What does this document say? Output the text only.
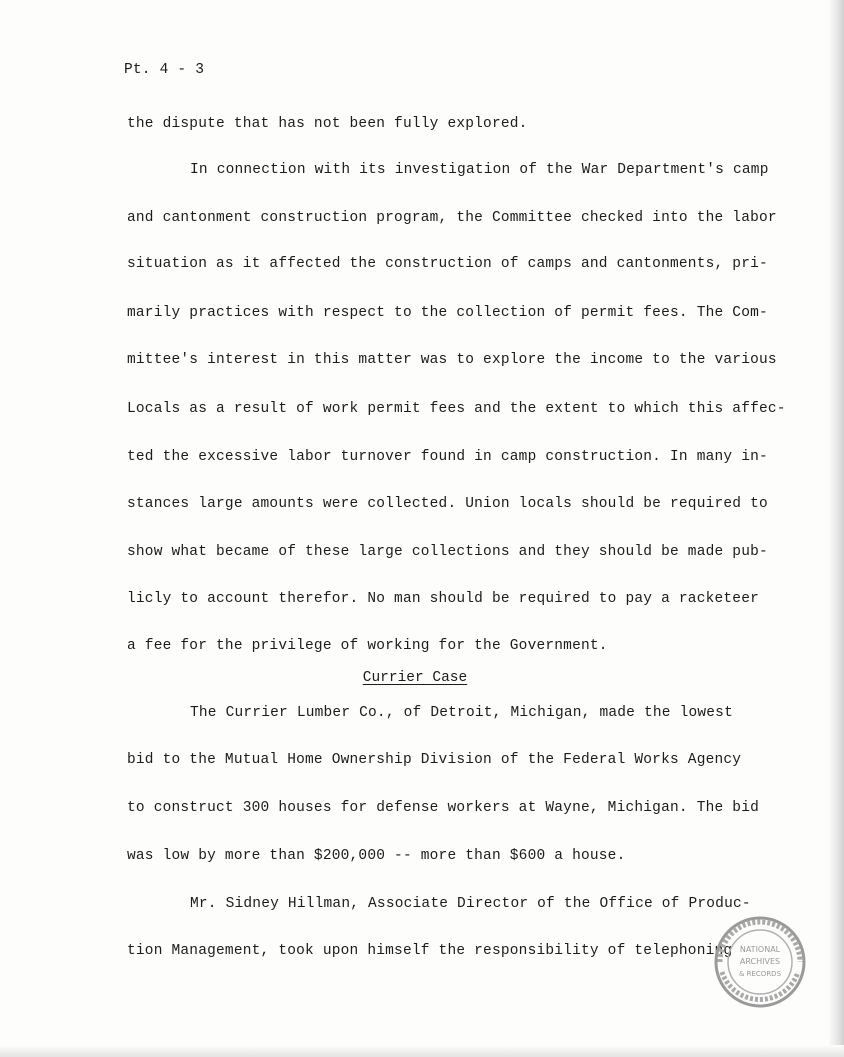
Pt. 4 - 3
the dispute that has not been fully explored.
In connection with its investigation of the War Department's camp
and cantonment construction program, the Committee checked into the labor
situation as it affected the construction of camps and cantonments, pri-
marily practices with respect to the collection of permit fees. The Com-
mittee's interest in this matter was to explore the income to the various
Locals as a result of work permit fees and the extent to which this affec-
ted the excessive labor turnover found in camp construction. In many in-
stances large amounts were collected. Union locals should be required to
show what became of these large collections and they should be made pub-
licly to account therefor. No man should be required to pay a racketeer
a fee for the privilege of working for the Government.
Currier Case
The Currier Lumber Co., of Detroit, Michigan, made the lowest
bid to the Mutual Home Ownership Division of the Federal Works Agency
to construct 300 houses for defense workers at Wayne, Michigan. The bid
was low by more than $200,000 -- more than $600 a house.
Mr. Sidney Hillman, Associate Director of the Office of Produc-
tion Management, took upon himself the responsibility of telephoning NATIONAL
ARCHIVES
& RECORDS
